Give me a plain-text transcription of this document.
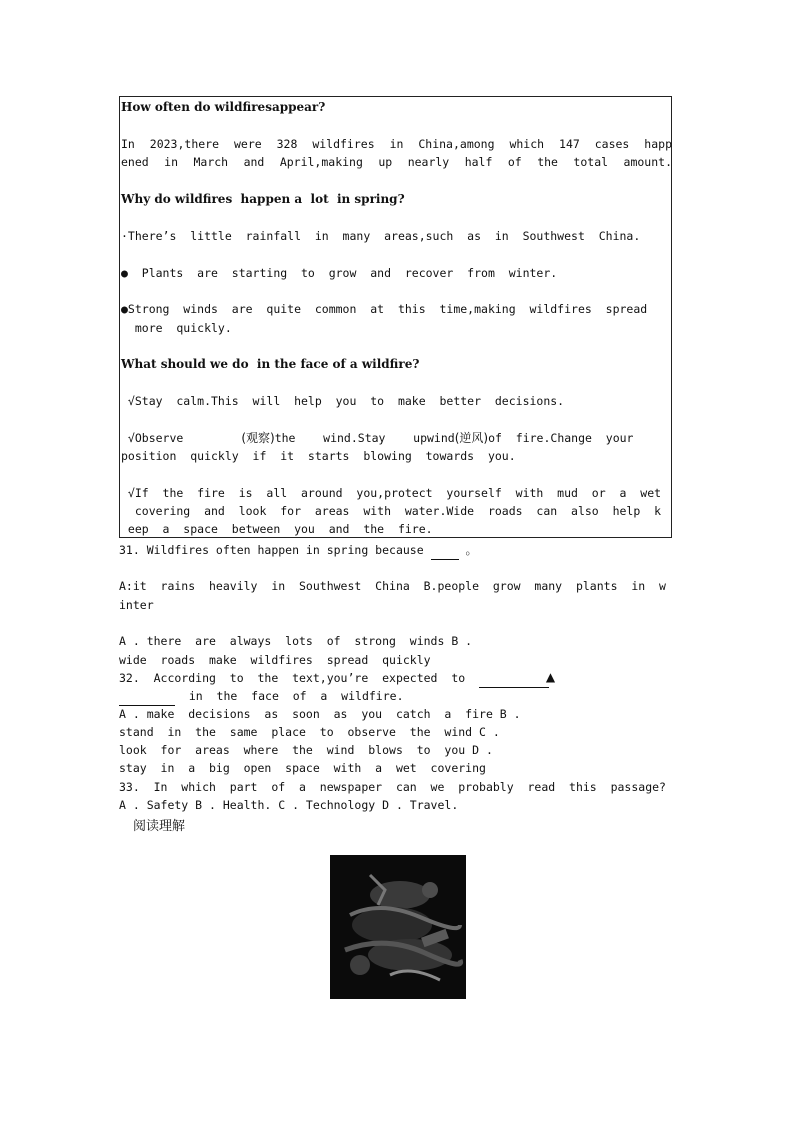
How often do wildfiresappear?
In 2023,there were 328 wildfires in China,among which 147 cases happ
ened in March and April,making up nearly half of the total amount.
Why do wildfires  happen a  lot  in spring?
·There’s  little  rainfall  in  many  areas,such  as  in  Southwest  China.
●  Plants  are  starting  to  grow  and  recover  from  winter.
●Strong  winds  are  quite  common  at  this  time,making  wildfires  spread
more  quickly.
What should we do  in the face of a wildfire?
√Stay  calm.This  will  help  you  to  make  better  decisions.
√Observe	(观察)the    wind.Stay    upwind(逆风)of  fire.Change  your
position  quickly  if  it  starts  blowing  towards  you.
√If  the  fire  is  all  around  you,protect  yourself  with  mud  or  a  wet
covering  and  look  for  areas  with  water.Wide  roads  can  also  help  k
eep  a  space  between  you  and  the  fire.
31. Wildfires often happen in spring because	。
A:it  rains  heavily  in  Southwest  China  B.people  grow  many  plants  in  w
inter
A . there  are  always  lots  of  strong  winds B .
wide  roads  make  wildfires  spread  quickly
32.  According  to  the  text,you’re  expected  to	▲
in  the  face  of  a  wildfire.
A . make  decisions  as  soon  as  you  catch  a  fire B .
stand  in  the  same  place  to  observe  the  wind C .
look  for  areas  where  the  wind  blows  to  you D .
stay  in  a  big  open  space  with  a  wet  covering
33.  In  which  part  of  a  newspaper  can  we  probably  read  this  passage?
A . Safety B . Health. C . Technology D . Travel.
阅读理解
